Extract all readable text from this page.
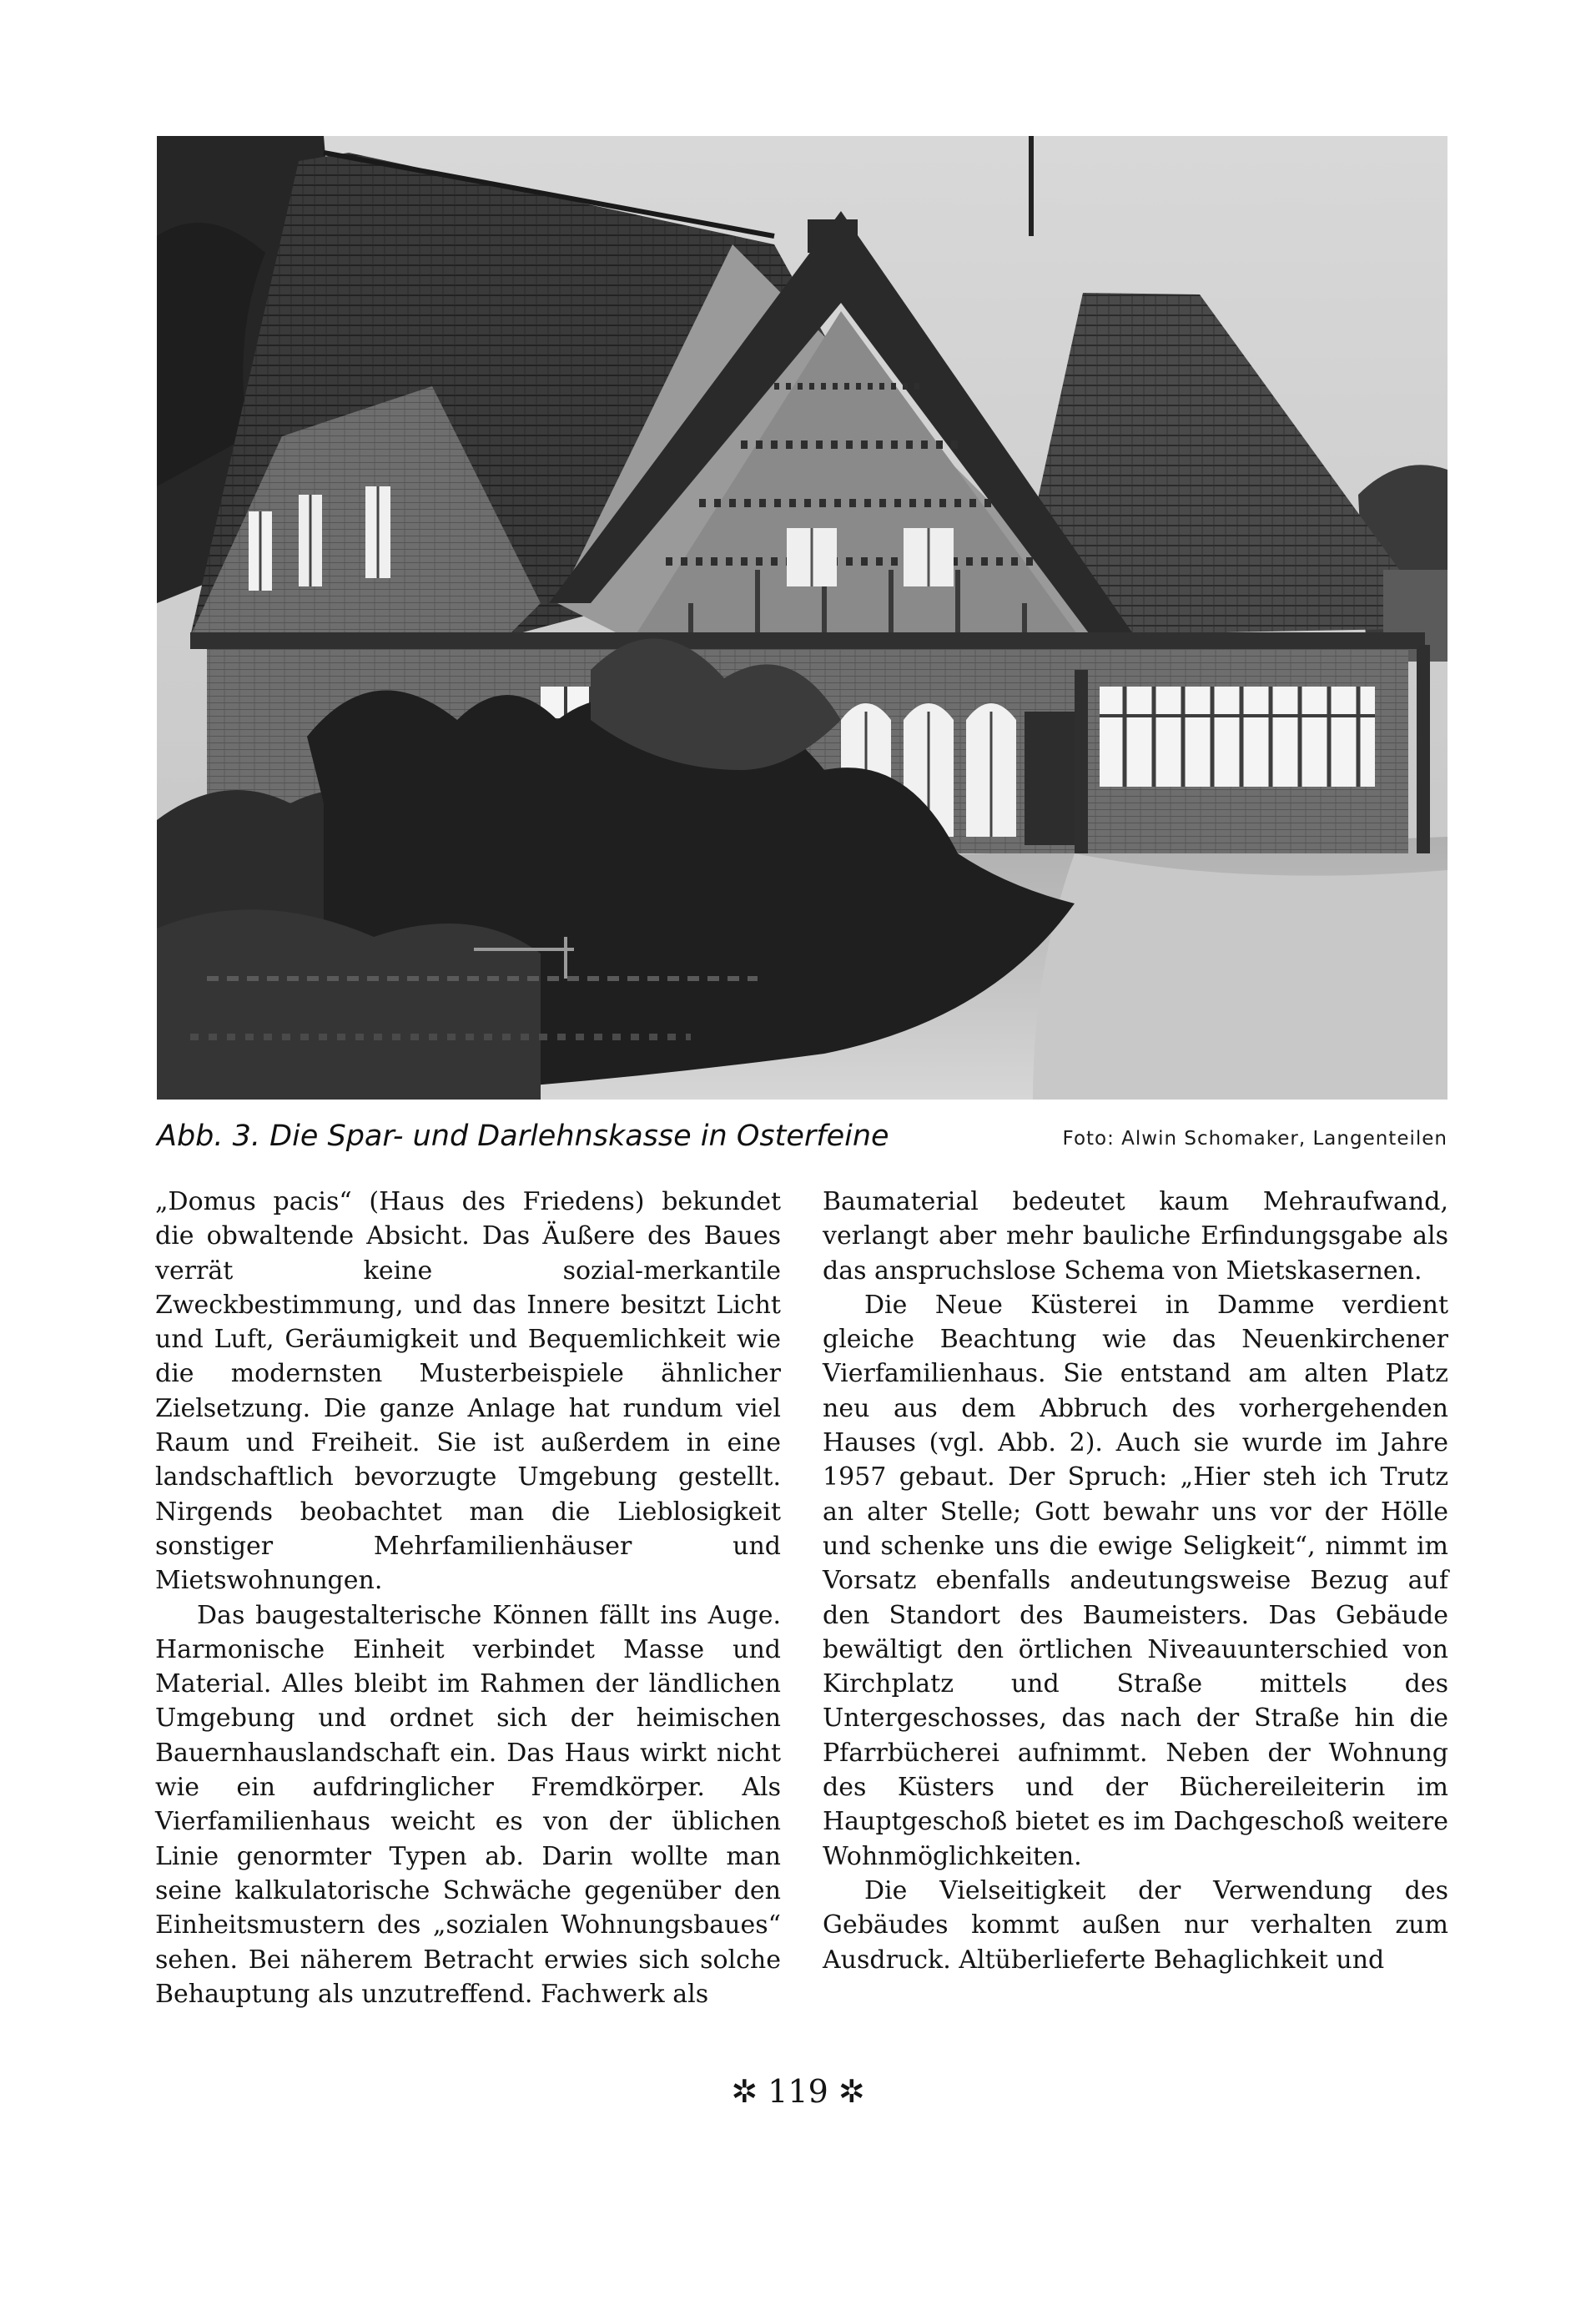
Abb. 3. Die Spar- und Darlehnskasse in Osterfeine	Foto: Alwin Schomaker, Langenteilen

„Domus pacis“ (Haus des Friedens) bekundet die obwaltende Absicht. Das Äußere des Baues verrät keine sozial-merkantile Zweckbestimmung, und das Innere besitzt Licht und Luft, Geräumigkeit und Bequemlichkeit wie die modernsten Musterbeispiele ähnlicher Zielsetzung. Die ganze Anlage hat rundum viel Raum und Freiheit. Sie ist außerdem in eine landschaftlich bevorzugte Umgebung gestellt. Nirgends beobachtet man die Lieblosigkeit sonstiger Mehrfamilienhäuser und Mietswohnungen.

Das baugestalterische Können fällt ins Auge. Harmonische Einheit verbindet Masse und Material. Alles bleibt im Rahmen der ländlichen Umgebung und ordnet sich der heimischen Bauernhauslandschaft ein. Das Haus wirkt nicht wie ein aufdringlicher Fremdkörper. Als Vierfamilienhaus weicht es von der üblichen Linie genormter Typen ab. Darin wollte man seine kalkulatorische Schwäche gegenüber den Einheitsmustern des „sozialen Wohnungsbaues“ sehen. Bei näherem Betracht erwies sich solche Behauptung als unzutreffend. Fachwerk als

Baumaterial bedeutet kaum Mehraufwand, verlangt aber mehr bauliche Erfindungsgabe als das anspruchslose Schema von Mietskasernen.

Die Neue Küsterei in Damme verdient gleiche Beachtung wie das Neuenkirchener Vierfamilienhaus. Sie entstand am alten Platz neu aus dem Abbruch des vorhergehenden Hauses (vgl. Abb. 2). Auch sie wurde im Jahre 1957 gebaut. Der Spruch: „Hier steh ich Trutz an alter Stelle; Gott bewahr uns vor der Hölle und schenke uns die ewige Seligkeit“, nimmt im Vorsatz ebenfalls andeutungsweise Bezug auf den Standort des Baumeisters. Das Gebäude bewältigt den örtlichen Niveauunterschied von Kirchplatz und Straße mittels des Untergeschosses, das nach der Straße hin die Pfarrbücherei aufnimmt. Neben der Wohnung des Küsters und der Büchereileiterin im Hauptgeschoß bietet es im Dachgeschoß weitere Wohnmöglichkeiten.

Die Vielseitigkeit der Verwendung des Gebäudes kommt außen nur verhalten zum Ausdruck. Altüberlieferte Behaglichkeit und

✲ 119 ✲
